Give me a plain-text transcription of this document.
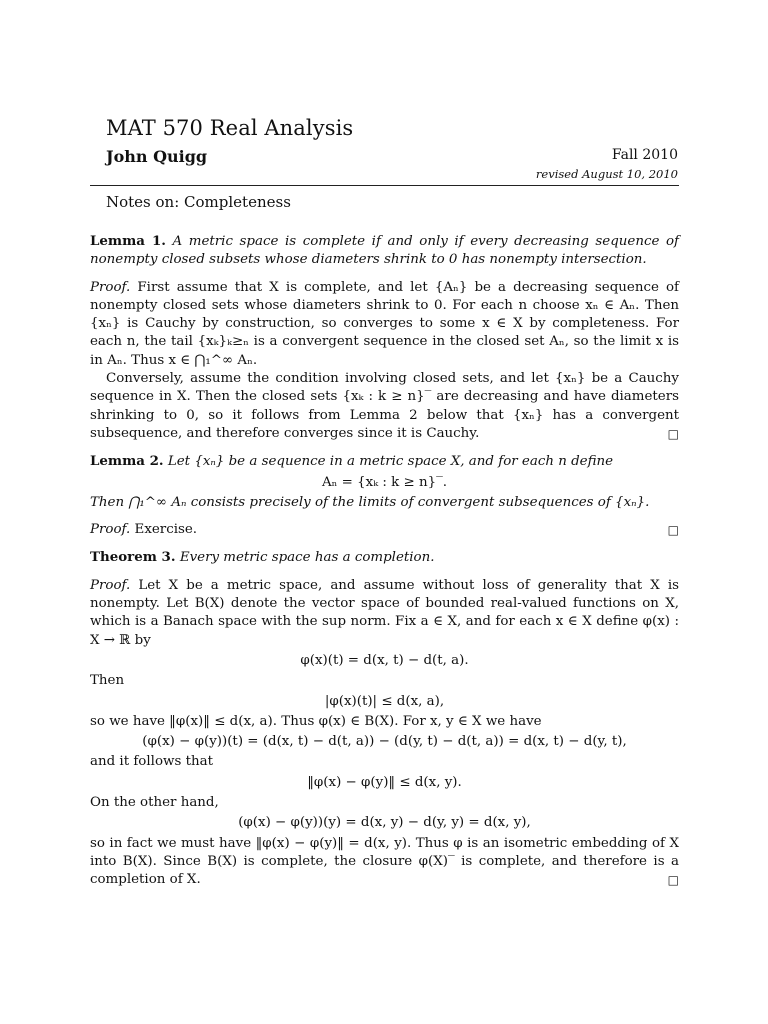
MAT 570 Real Analysis
John Quigg	Fall 2010
revised August 10, 2010
Notes on: Completeness

Lemma 1. A metric space is complete if and only if every decreasing sequence of nonempty closed subsets whose diameters shrink to 0 has nonempty intersection.

Proof. First assume that X is complete, and let {Aₙ} be a decreasing sequence of nonempty closed sets whose diameters shrink to 0. For each n choose xₙ ∈ Aₙ. Then {xₙ} is Cauchy by construction, so converges to some x ∈ X by completeness. For each n, the tail {xₖ}ₖ≥ₙ is a convergent sequence in the closed set Aₙ, so the limit x is in Aₙ. Thus x ∈ ⋂₁^∞ Aₙ.

Conversely, assume the condition involving closed sets, and let {xₙ} be a Cauchy sequence in X. Then the closed sets {xₖ : k ≥ n}‾ are decreasing and have diameters shrinking to 0, so it follows from Lemma 2 below that {xₙ} has a convergent subsequence, and therefore converges since it is Cauchy.	□

Lemma 2. Let {xₙ} be a sequence in a metric space X, and for each n define

Aₙ = {xₖ : k ≥ n}‾.

Then ⋂₁^∞ Aₙ consists precisely of the limits of convergent subsequences of {xₙ}.

Proof. Exercise.	□

Theorem 3. Every metric space has a completion.

Proof. Let X be a metric space, and assume without loss of generality that X is nonempty. Let B(X) denote the vector space of bounded real-valued functions on X, which is a Banach space with the sup norm. Fix a ∈ X, and for each x ∈ X define φ(x) : X → ℝ by

φ(x)(t) = d(x, t) − d(t, a).

Then

|φ(x)(t)| ≤ d(x, a),

so we have ‖φ(x)‖ ≤ d(x, a). Thus φ(x) ∈ B(X). For x, y ∈ X we have

(φ(x) − φ(y))(t) = (d(x, t) − d(t, a)) − (d(y, t) − d(t, a)) = d(x, t) − d(y, t),

and it follows that

‖φ(x) − φ(y)‖ ≤ d(x, y).

On the other hand,

(φ(x) − φ(y))(y) = d(x, y) − d(y, y) = d(x, y),

so in fact we must have ‖φ(x) − φ(y)‖ = d(x, y). Thus φ is an isometric embedding of X into B(X). Since B(X) is complete, the closure φ(X)‾ is complete, and therefore is a completion of X.	□
